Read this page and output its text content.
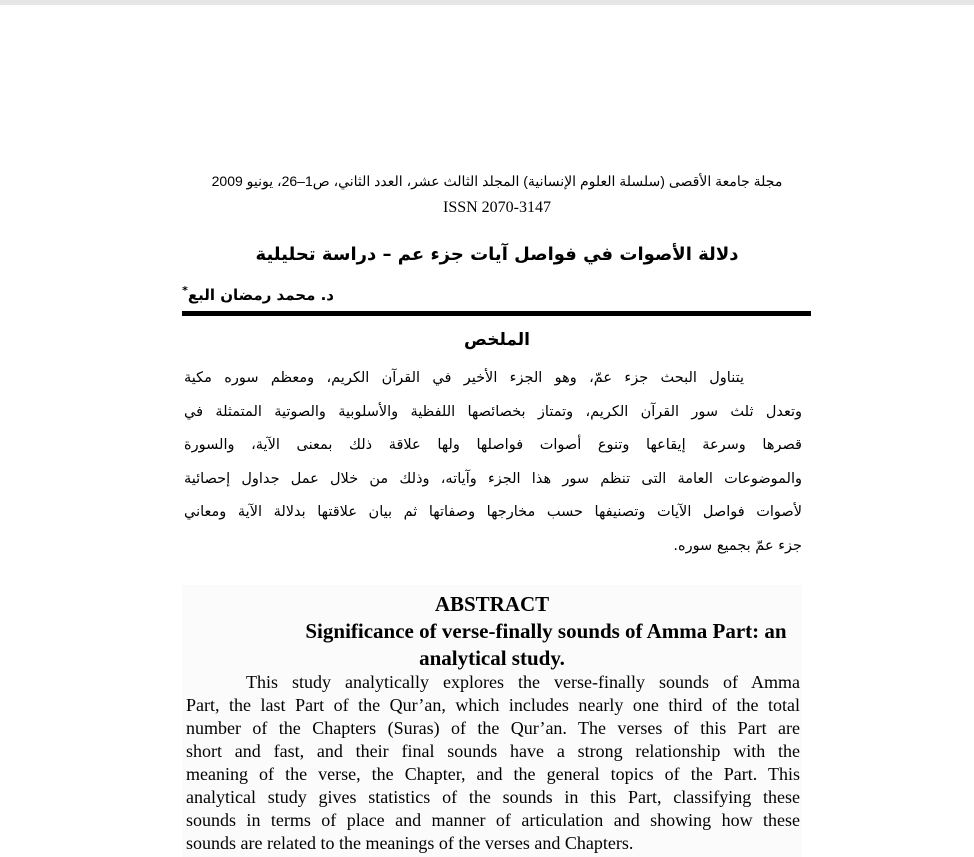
مجلة جامعة الأقصى (سلسلة العلوم الإنسانية) المجلد الثالث عشر، العدد الثاني، ص1–26، يونيو 2009
ISSN 2070-3147
دلالة الأصوات في فواصل آيات جزء عم – دراسة تحليلية
د. محمد رمضان البع*
الملخص
يتناول البحث جزء عمّ، وهو الجزء الأخير في القرآن الكريم، ومعظم سوره مكية
وتعدل ثلث سور القرآن الكريم، وتمتاز بخصائصها اللفظية والأسلوبية والصوتية المتمثلة في
قصرها وسرعة إيقاعها وتنوع أصوات فواصلها ولها علاقة ذلك بمعنى الآية، والسورة
والموضوعات العامة التى تنظم سور هذا الجزء وآياته، وذلك من خلال عمل جداول إحصائية
لأصوات فواصل الآيات وتصنيفها حسب مخارجها وصفاتها ثم بيان علاقتها بدلالة الآية ومعاني
جزء عمّ بجميع سوره.
ABSTRACT
Significance of verse-finally sounds of Amma Part: an
analytical study.
This study analytically explores the verse-finally sounds of Amma
Part, the last Part of the Qur’an, which includes nearly one third of the total
number of the Chapters (Suras) of the Qur’an. The verses of this Part are
short and fast, and their final sounds have a strong relationship with the
meaning of the verse, the Chapter, and the general topics of the Part. This
analytical study gives statistics of the sounds in this Part, classifying these
sounds in terms of place and manner of articulation and showing how these
sounds are related to the meanings of the verses and Chapters.
